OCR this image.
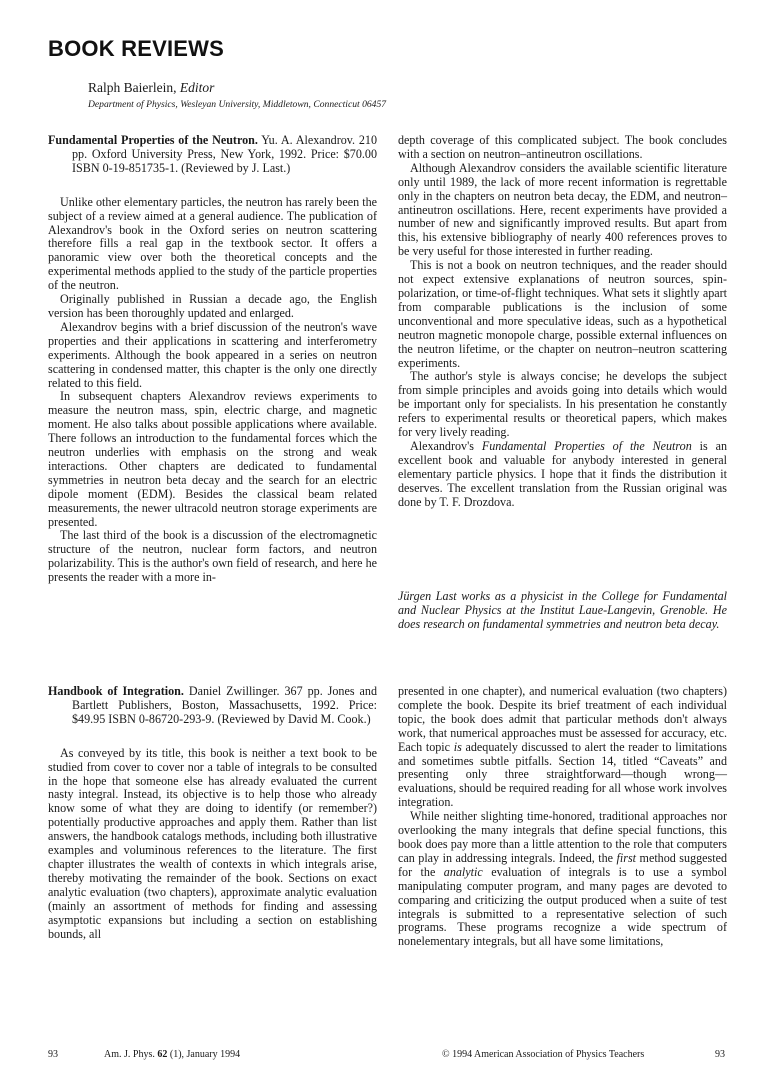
BOOK REVIEWS
Ralph Baierlein, Editor
Department of Physics, Wesleyan University, Middletown, Connecticut 06457

Fundamental Properties of the Neutron. Yu. A. Alexandrov. 210 pp. Oxford University Press, New York, 1992. Price: $70.00 ISBN 0-19-851735-1. (Reviewed by J. Last.)

Unlike other elementary particles, the neutron has rarely been the subject of a review aimed at a general audience. The publication of Alexandrov's book in the Oxford series on neutron scattering therefore fills a real gap in the textbook sector. It offers a panoramic view over both the theoretical concepts and the experimental methods applied to the study of the particle properties of the neutron.

Originally published in Russian a decade ago, the English version has been thoroughly updated and enlarged.

Alexandrov begins with a brief discussion of the neutron's wave properties and their applications in scattering and interferometry experiments. Although the book appeared in a series on neutron scattering in condensed matter, this chapter is the only one directly related to this field.

In subsequent chapters Alexandrov reviews experiments to measure the neutron mass, spin, electric charge, and magnetic moment. He also talks about possible applications where available. There follows an introduction to the fundamental forces which the neutron underlies with emphasis on the strong and weak interactions. Other chapters are dedicated to fundamental symmetries in neutron beta decay and the search for an electric dipole moment (EDM). Besides the classical beam related measurements, the newer ultracold neutron storage experiments are presented.

The last third of the book is a discussion of the electromagnetic structure of the neutron, nuclear form factors, and neutron polarizability. This is the author's own field of research, and here he presents the reader with a more in-

depth coverage of this complicated subject. The book concludes with a section on neutron–antineutron oscillations.

Although Alexandrov considers the available scientific literature only until 1989, the lack of more recent information is regrettable only in the chapters on neutron beta decay, the EDM, and neutron–antineutron oscillations. Here, recent experiments have provided a number of new and significantly improved results. But apart from this, his extensive bibliography of nearly 400 references proves to be very useful for those interested in further reading.

This is not a book on neutron techniques, and the reader should not expect extensive explanations of neutron sources, spin-polarization, or time-of-flight techniques. What sets it slightly apart from comparable publications is the inclusion of some unconventional and more speculative ideas, such as a hypothetical neutron magnetic monopole charge, possible external influences on the neutron lifetime, or the chapter on neutron–neutron scattering experiments.

The author's style is always concise; he develops the subject from simple principles and avoids going into details which would be important only for specialists. In his presentation he constantly refers to experimental results or theoretical papers, which makes for very lively reading.

Alexandrov's Fundamental Properties of the Neutron is an excellent book and valuable for anybody interested in general elementary particle physics. I hope that it finds the distribution it deserves. The excellent translation from the Russian original was done by T. F. Drozdova.

Jürgen Last works as a physicist in the College for Fundamental and Nuclear Physics at the Institut Laue-Langevin, Grenoble. He does research on fundamental symmetries and neutron beta decay.

Handbook of Integration. Daniel Zwillinger. 367 pp. Jones and Bartlett Publishers, Boston, Massachusetts, 1992. Price: $49.95 ISBN 0-86720-293-9. (Reviewed by David M. Cook.)

As conveyed by its title, this book is neither a text book to be studied from cover to cover nor a table of integrals to be consulted in the hope that someone else has already evaluated the current nasty integral. Instead, its objective is to help those who already know some of what they are doing to identify (or remember?) potentially productive approaches and apply them. Rather than list answers, the handbook catalogs methods, including both illustrative examples and voluminous references to the literature. The first chapter illustrates the wealth of contexts in which integrals arise, thereby motivating the remainder of the book. Sections on exact analytic evaluation (two chapters), approximate analytic evaluation (mainly an assortment of methods for finding and assessing asymptotic expansions but including a section on establishing bounds, all

presented in one chapter), and numerical evaluation (two chapters) complete the book. Despite its brief treatment of each individual topic, the book does admit that particular methods don't always work, that numerical approaches must be assessed for accuracy, etc. Each topic is adequately discussed to alert the reader to limitations and sometimes subtle pitfalls. Section 14, titled “Caveats” and presenting only three straightforward—though wrong—evaluations, should be required reading for all whose work involves integration.

While neither slighting time-honored, traditional approaches nor overlooking the many integrals that define special functions, this book does pay more than a little attention to the role that computers can play in addressing integrals. Indeed, the first method suggested for the analytic evaluation of integrals is to use a symbol manipulating computer program, and many pages are devoted to comparing and criticizing the output produced when a suite of test integrals is submitted to a representative selection of such programs. These programs recognize a wide spectrum of nonelementary integrals, but all have some limitations,

93	Am. J. Phys. 62 (1), January 1994	© 1994 American Association of Physics Teachers	93
